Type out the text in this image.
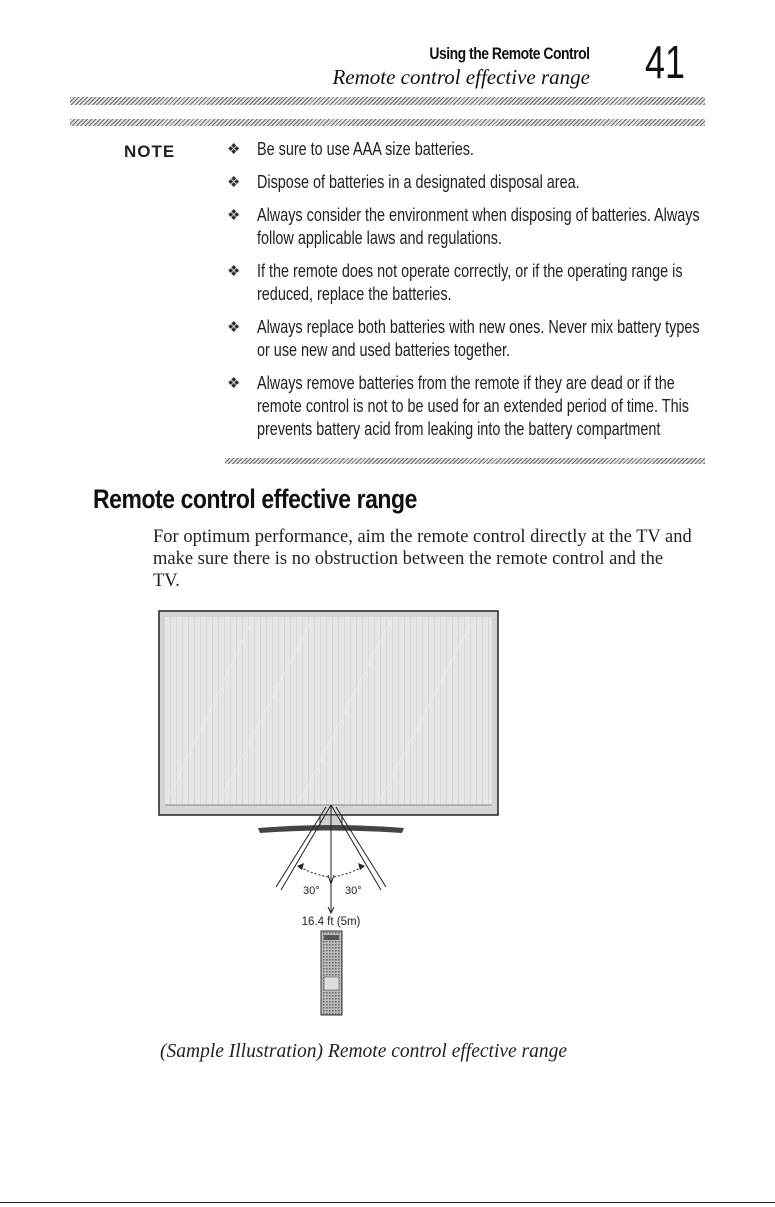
Using the Remote Control
Remote control effective range 41
NOTE	❖ Be sure to use AAA size batteries.
❖ Dispose of batteries in a designated disposal area.
❖ Always consider the environment when disposing of batteries. Always follow applicable laws and regulations.
❖ If the remote does not operate correctly, or if the operating range is reduced, replace the batteries.
❖ Always replace both batteries with new ones. Never mix battery types or use new and used batteries together.
❖ Always remove batteries from the remote if they are dead or if the remote control is not to be used for an extended period of time. This prevents battery acid from leaking into the battery compartment
Remote control effective range

For optimum performance, aim the remote control directly at the TV and make sure there is no obstruction between the remote control and the TV.

30° 30°
16.4 ft (5m)
(Sample Illustration) Remote control effective range
